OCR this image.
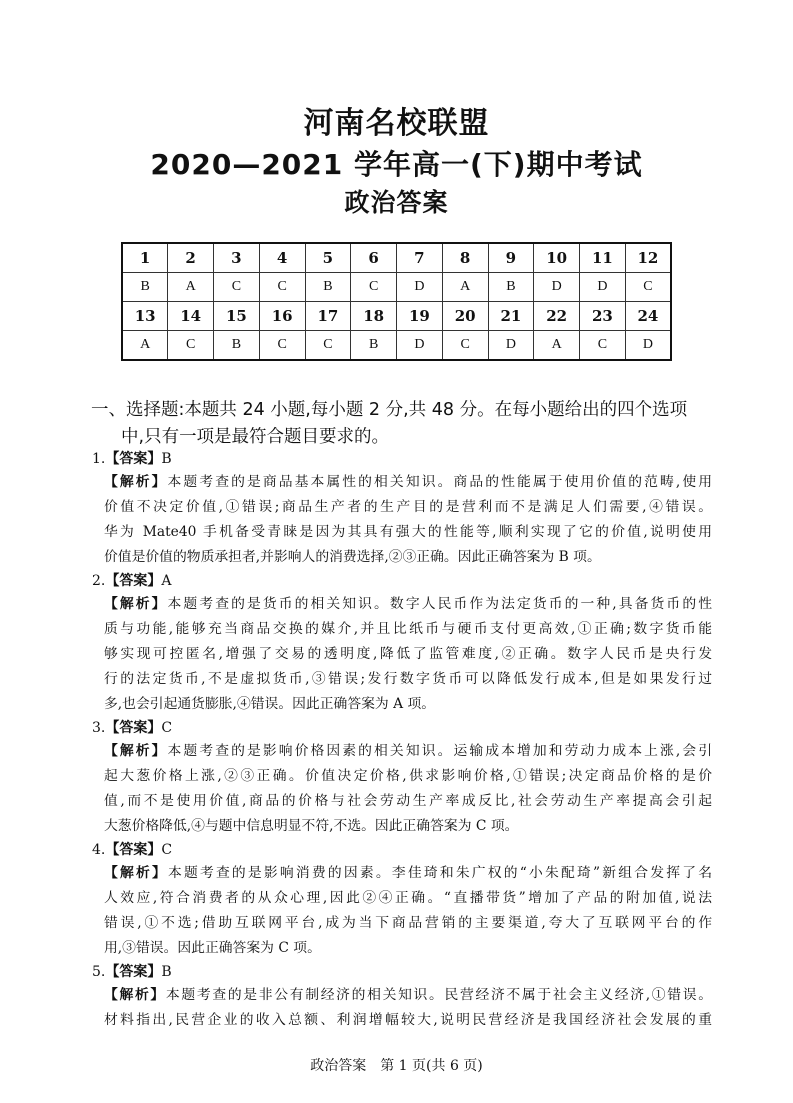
河南名校联盟
2020—2021 学年高一(下)期中考试
政治答案
1	2	3	4	5	6	7	8	9	10	11	12
B	A	C	C	B	C	D	A	B	D	D	C
13	14	15	16	17	18	19	20	21	22	23	24
A	C	B	C	C	B	D	C	D	A	C	D
一、选择题:本题共 24 小题,每小题 2 分,共 48 分。在每小题给出的四个选项
中,只有一项是最符合题目要求的。
1.【答案】B
【解析】本题考查的是商品基本属性的相关知识。商品的性能属于使用价值的范畴,使用
价值不决定价值,①错误;商品生产者的生产目的是营利而不是满足人们需要,④错误。
华为 Mate40 手机备受青睐是因为其具有强大的性能等,顺利实现了它的价值,说明使用
价值是价值的物质承担者,并影响人的消费选择,②③正确。因此正确答案为 B 项。
2.【答案】A
【解析】本题考查的是货币的相关知识。数字人民币作为法定货币的一种,具备货币的性
质与功能,能够充当商品交换的媒介,并且比纸币与硬币支付更高效,①正确;数字货币能
够实现可控匿名,增强了交易的透明度,降低了监管难度,②正确。数字人民币是央行发
行的法定货币,不是虚拟货币,③错误;发行数字货币可以降低发行成本,但是如果发行过
多,也会引起通货膨胀,④错误。因此正确答案为 A 项。
3.【答案】C
【解析】本题考查的是影响价格因素的相关知识。运输成本增加和劳动力成本上涨,会引
起大葱价格上涨,②③正确。价值决定价格,供求影响价格,①错误;决定商品价格的是价
值,而不是使用价值,商品的价格与社会劳动生产率成反比,社会劳动生产率提高会引起
大葱价格降低,④与题中信息明显不符,不选。因此正确答案为 C 项。
4.【答案】C
【解析】本题考查的是影响消费的因素。李佳琦和朱广权的“小朱配琦”新组合发挥了名
人效应,符合消费者的从众心理,因此②④正确。“直播带货”增加了产品的附加值,说法
错误,①不选;借助互联网平台,成为当下商品营销的主要渠道,夸大了互联网平台的作
用,③错误。因此正确答案为 C 项。
5.【答案】B
【解析】本题考查的是非公有制经济的相关知识。民营经济不属于社会主义经济,①错误。
材料指出,民营企业的收入总额、利润增幅较大,说明民营经济是我国经济社会发展的重
政治答案　第 1 页(共 6 页)
